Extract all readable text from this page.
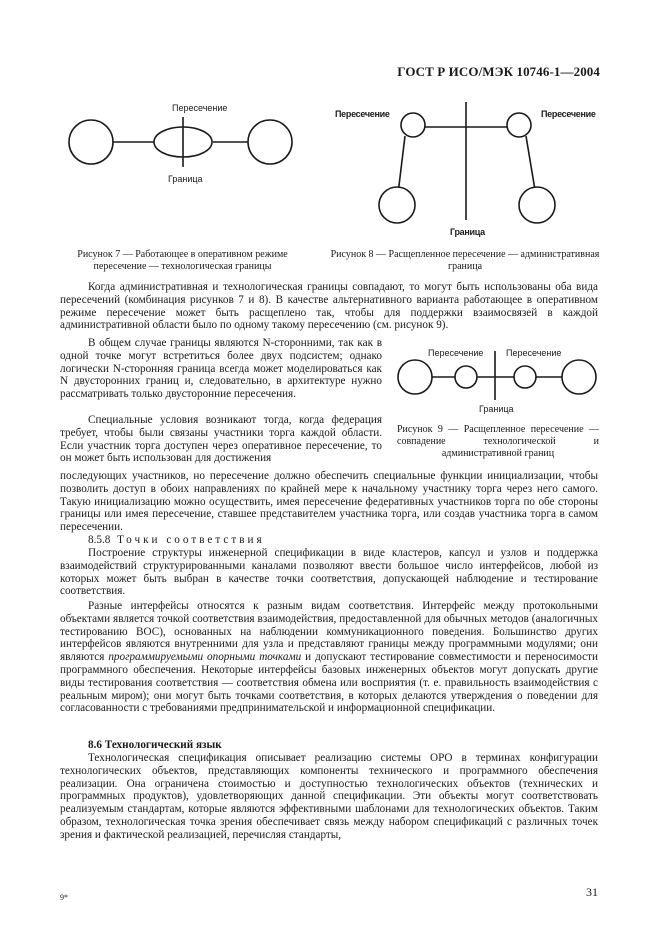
ГОСТ Р ИСО/МЭК 10746-1—2004
Пересечение
Граница
Рисунок 7 — Работающее в оперативном режиме пересечение — технологическая границы
Пересечение	Пересечение
Граница
Рисунок 8 — Расщепленное пересечение — административная граница

Когда административная и технологическая границы совпадают, то могут быть использованы оба вида пересечений (комбинация рисунков 7 и 8). В качестве альтернативного варианта работающее в оперативном режиме пересечение может быть расщеплено так, чтобы для поддержки взаимосвязей в каждой административной области было по одному такому пересечению (см. рисунок 9).

В общем случае границы являются N-сторонними, так как в одной точке могут встретиться более двух подсистем; однако логически N-сторонняя граница всегда может моделироваться как N двусторонних границ и, следовательно, в архитектуре нужно рассматривать только двусторонние пересечения.

Пересечение	Пересечение
Граница
Рисунок 9 — Расщепленное пересечение — совпадение технологической и административной границ

Специальные условия возникают тогда, когда федерация требует, чтобы были связаны участники торга каждой области. Если участник торга доступен через оперативное пересечение, то он может быть использован для достижения

последующих участников, но пересечение должно обеспечить специальные функции инициализации, чтобы позволить доступ в обоих направлениях по крайней мере к начальному участнику торга через него самого. Такую инициализацию можно осуществить, имея пересечение федеративных участников торга по обе стороны границы или имея пересечение, ставшее представителем участника торга, или создав участника торга в самом пересечении.

8.5.8 Точки соответствия

Построение структуры инженерной спецификации в виде кластеров, капсул и узлов и поддержка взаимодействий структурированными каналами позволяют ввести большое число интерфейсов, любой из которых может быть выбран в качестве точки соответствия, допускающей наблюдение и тестирование соответствия.

Разные интерфейсы относятся к разным видам соответствия. Интерфейс между протокольными объектами является точкой соответствия взаимодействия, предоставленной для обычных методов (аналогичных тестированию ВОС), основанных на наблюдении коммуникационного поведения. Большинство других интерфейсов являются внутренними для узла и представляют границы между программными модулями; они являются программируемыми опорными точками и допускают тестирование совместимости и переносимости программного обеспечения. Некоторые интерфейсы базовых инженерных объектов могут допускать другие виды тестирования соответствия — соответствия обмена или восприятия (т. е. правильность взаимодействия с реальным миром); они могут быть точками соответствия, в которых делаются утверждения о поведении для согласованности с требованиями предпринимательской и информационной спецификации.

8.6 Технологический язык

Технологическая спецификация описывает реализацию системы ОРО в терминах конфигурации технологических объектов, представляющих компоненты технического и программного обеспечения реализации. Она ограничена стоимостью и доступностью технологических объектов (технических и программных продуктов), удовлетворяющих данной спецификации. Эти объекты могут соответствовать реализуемым стандартам, которые являются эффективными шаблонами для технологических объектов. Таким образом, технологическая точка зрения обеспечивает связь между набором спецификаций с различных точек зрения и фактической реализацией, перечисляя стандарты,

9*	31
